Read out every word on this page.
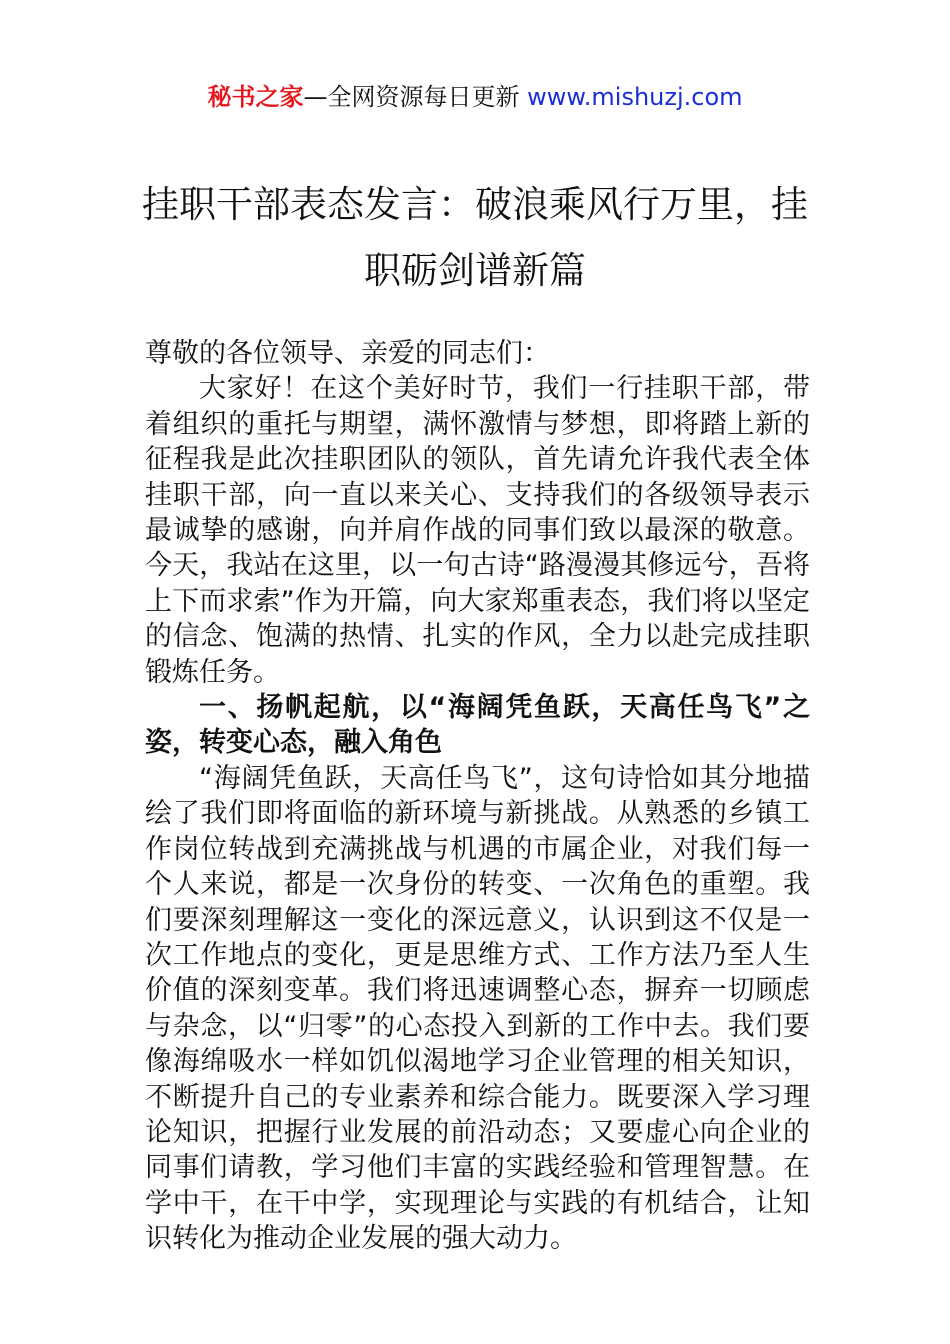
秘书之家—全网资源每日更新 www.mishuzj.com
挂职干部表态发言：破浪乘风行万里，挂职砺剑谱新篇

尊敬的各位领导、亲爱的同志们：

大家好！在这个美好时节，我们一行挂职干部，带着组织的重托与期望，满怀激情与梦想，即将踏上新的征程我是此次挂职团队的领队，首先请允许我代表全体挂职干部，向一直以来关心、支持我们的各级领导表示最诚挚的感谢，向并肩作战的同事们致以最深的敬意。今天，我站在这里，以一句古诗“路漫漫其修远兮，吾将上下而求索”作为开篇，向大家郑重表态，我们将以坚定的信念、饱满的热情、扎实的作风，全力以赴完成挂职锻炼任务。

一、扬帆起航，以“海阔凭鱼跃，天高任鸟飞”之姿，转变心态，融入角色

“海阔凭鱼跃，天高任鸟飞”，这句诗恰如其分地描绘了我们即将面临的新环境与新挑战。从熟悉的乡镇工作岗位转战到充满挑战与机遇的市属企业，对我们每一个人来说，都是一次身份的转变、一次角色的重塑。我们要深刻理解这一变化的深远意义，认识到这不仅是一次工作地点的变化，更是思维方式、工作方法乃至人生价值的深刻变革。我们将迅速调整心态，摒弃一切顾虑与杂念，以“归零”的心态投入到新的工作中去。我们要像海绵吸水一样如饥似渴地学习企业管理的相关知识，不断提升自己的专业素养和综合能力。既要深入学习理论知识，把握行业发展的前沿动态；又要虚心向企业的同事们请教，学习他们丰富的实践经验和管理智慧。在学中干，在干中学，实现理论与实践的有机结合，让知识转化为推动企业发展的强大动力。
